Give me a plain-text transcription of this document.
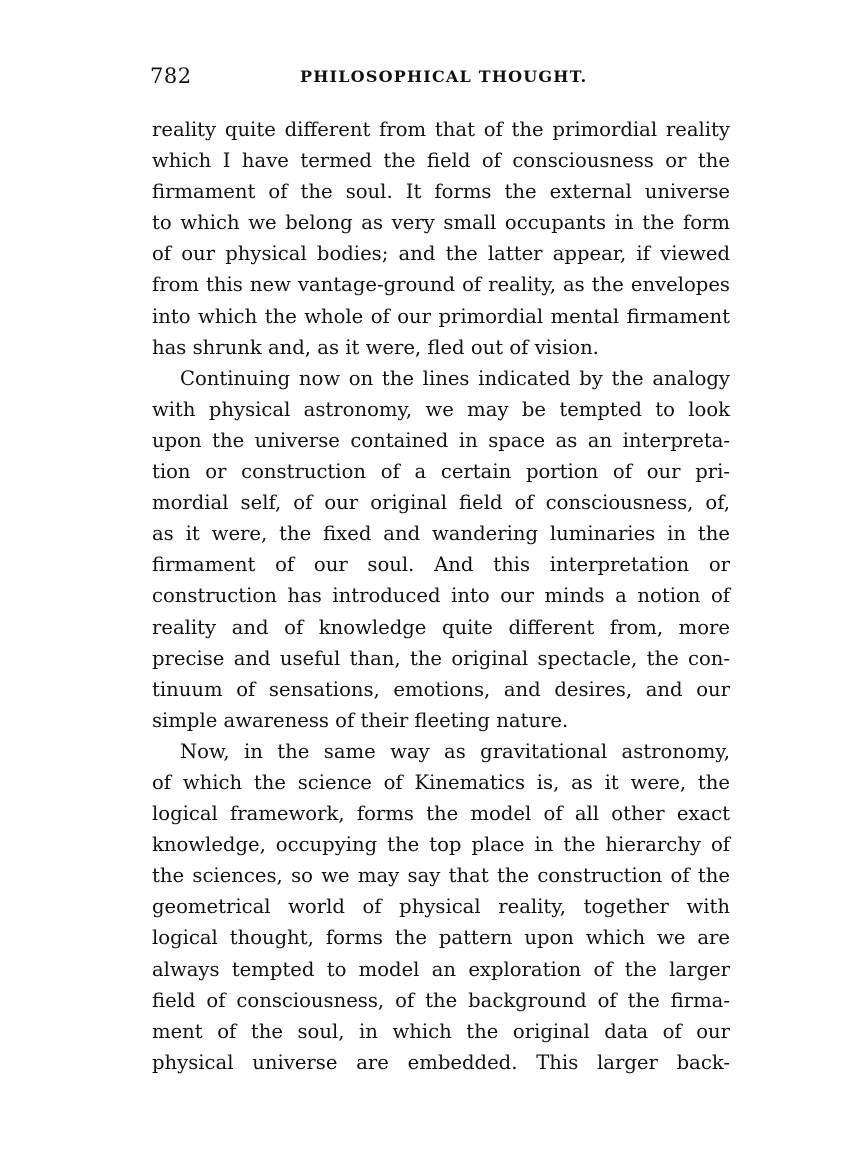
782	PHILOSOPHICAL THOUGHT.
reality quite different from that of the primordial reality
which I have termed the field of consciousness or the
firmament of the soul. It forms the external universe
to which we belong as very small occupants in the form
of our physical bodies; and the latter appear, if viewed
from this new vantage-ground of reality, as the envelopes
into which the whole of our primordial mental firmament
has shrunk and, as it were, fled out of vision.
Continuing now on the lines indicated by the analogy
with physical astronomy, we may be tempted to look
upon the universe contained in space as an interpreta-
tion or construction of a certain portion of our pri-
mordial self, of our original field of consciousness, of,
as it were, the fixed and wandering luminaries in the
firmament of our soul. And this interpretation or
construction has introduced into our minds a notion of
reality and of knowledge quite different from, more
precise and useful than, the original spectacle, the con-
tinuum of sensations, emotions, and desires, and our
simple awareness of their fleeting nature.
Now, in the same way as gravitational astronomy,
of which the science of Kinematics is, as it were, the
logical framework, forms the model of all other exact
knowledge, occupying the top place in the hierarchy of
the sciences, so we may say that the construction of the
geometrical world of physical reality, together with
logical thought, forms the pattern upon which we are
always tempted to model an exploration of the larger
field of consciousness, of the background of the firma-
ment of the soul, in which the original data of our
physical universe are embedded. This larger back-
